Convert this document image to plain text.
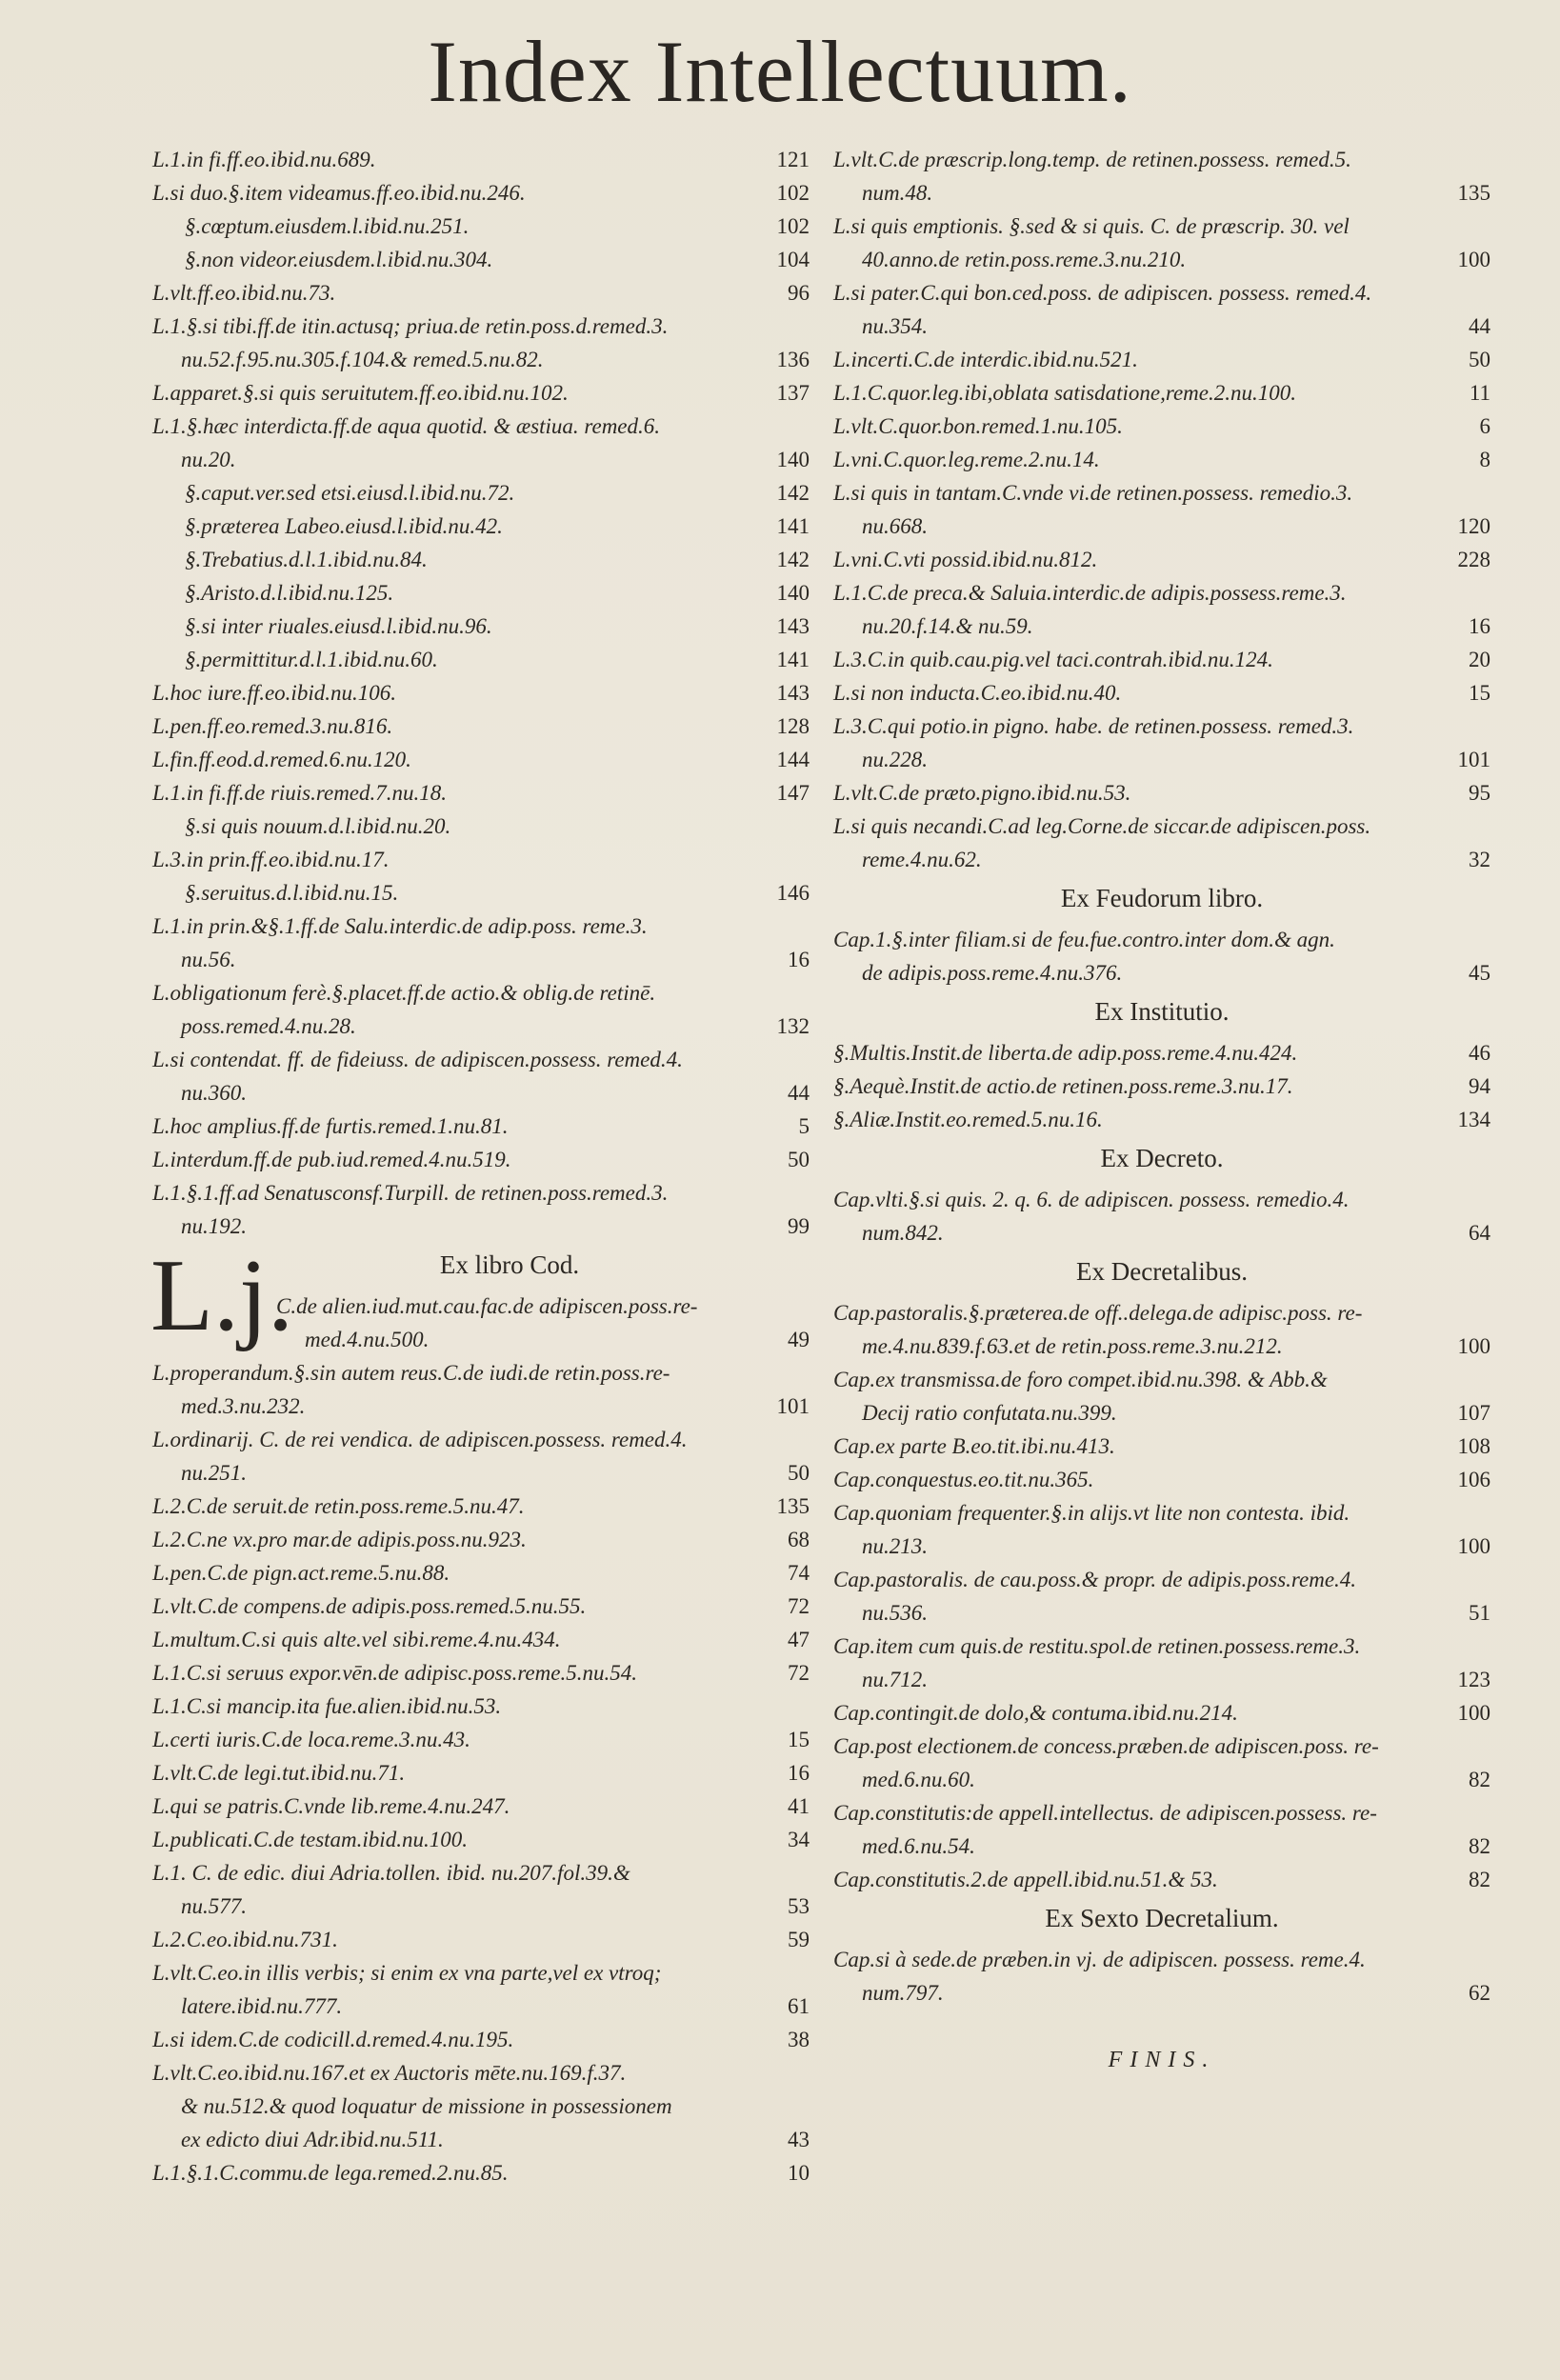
Index Intellectuum.
L.1.in fi.ff.eo.ibid.nu.689.	121
L.si duo.§.item videamus.ff.eo.ibid.nu.246.	102
§.cœptum.eiusdem.l.ibid.nu.251.	102
§.non videor.eiusdem.l.ibid.nu.304.	104
L.vlt.ff.eo.ibid.nu.73.	96
L.1.§.si tibi.ff.de itin.actusq; priua.de retin.poss.d.remed.3.
nu.52.f.95.nu.305.f.104.& remed.5.nu.82.	136
L.apparet.§.si quis seruitutem.ff.eo.ibid.nu.102.	137
L.1.§.hæc interdicta.ff.de aqua quotid. & æstiua. remed.6.
nu.20.	140
§.caput.ver.sed etsi.eiusd.l.ibid.nu.72.	142
§.præterea Labeo.eiusd.l.ibid.nu.42.	141
§.Trebatius.d.l.1.ibid.nu.84.	142
§.Aristo.d.l.ibid.nu.125.	140
§.si inter riuales.eiusd.l.ibid.nu.96.	143
§.permittitur.d.l.1.ibid.nu.60.	141
L.hoc iure.ff.eo.ibid.nu.106.	143
L.pen.ff.eo.remed.3.nu.816.	128
L.fin.ff.eod.d.remed.6.nu.120.	144
L.1.in fi.ff.de riuis.remed.7.nu.18.	147
§.si quis nouum.d.l.ibid.nu.20.
L.3.in prin.ff.eo.ibid.nu.17.
§.seruitus.d.l.ibid.nu.15.	146
L.1.in prin.&§.1.ff.de Salu.interdic.de adip.poss. reme.3.
nu.56.	16
L.obligationum ferè.§.placet.ff.de actio.& oblig.de retinē.
poss.remed.4.nu.28.	132
L.si contendat. ff. de fideiuss. de adipiscen.possess. remed.4.
nu.360.	44
L.hoc amplius.ff.de furtis.remed.1.nu.81.	5
L.interdum.ff.de pub.iud.remed.4.nu.519.	50
L.1.§.1.ff.ad Senatusconsf.Turpill. de retinen.poss.remed.3.
nu.192.	99
L.j.	Ex libro Cod.
C.de alien.iud.mut.cau.fac.de adipiscen.poss.re-
med.4.nu.500.	49
L.properandum.§.sin autem reus.C.de iudi.de retin.poss.re-
med.3.nu.232.	101
L.ordinarij. C. de rei vendica. de adipiscen.possess. remed.4.
nu.251.	50
L.2.C.de seruit.de retin.poss.reme.5.nu.47.	135
L.2.C.ne vx.pro mar.de adipis.poss.nu.923.	68
L.pen.C.de pign.act.reme.5.nu.88.	74
L.vlt.C.de compens.de adipis.poss.remed.5.nu.55.	72
L.multum.C.si quis alte.vel sibi.reme.4.nu.434.	47
L.1.C.si seruus expor.vēn.de adipisc.poss.reme.5.nu.54.	72
L.1.C.si mancip.ita fue.alien.ibid.nu.53.
L.certi iuris.C.de loca.reme.3.nu.43.	15
L.vlt.C.de legi.tut.ibid.nu.71.	16
L.qui se patris.C.vnde lib.reme.4.nu.247.	41
L.publicati.C.de testam.ibid.nu.100.	34
L.1. C. de edic. diui Adria.tollen. ibid. nu.207.fol.39.&
nu.577.	53
L.2.C.eo.ibid.nu.731.	59
L.vlt.C.eo.in illis verbis; si enim ex vna parte,vel ex vtroq;
latere.ibid.nu.777.	61
L.si idem.C.de codicill.d.remed.4.nu.195.	38
L.vlt.C.eo.ibid.nu.167.et ex Auctoris mēte.nu.169.f.37.
& nu.512.& quod loquatur de missione in possessionem
ex edicto diui Adr.ibid.nu.511.	43
L.1.§.1.C.commu.de lega.remed.2.nu.85.	10
L.vlt.C.de præscrip.long.temp. de retinen.possess. remed.5.
num.48.	135
L.si quis emptionis. §.sed & si quis. C. de præscrip. 30. vel
40.anno.de retin.poss.reme.3.nu.210.	100
L.si pater.C.qui bon.ced.poss. de adipiscen. possess. remed.4.
nu.354.	44
L.incerti.C.de interdic.ibid.nu.521.	50
L.1.C.quor.leg.ibi,oblata satisdatione,reme.2.nu.100.	11
L.vlt.C.quor.bon.remed.1.nu.105.	6
L.vni.C.quor.leg.reme.2.nu.14.	8
L.si quis in tantam.C.vnde vi.de retinen.possess. remedio.3.
nu.668.	120
L.vni.C.vti possid.ibid.nu.812.	228
L.1.C.de preca.& Saluia.interdic.de adipis.possess.reme.3.
nu.20.f.14.& nu.59.	16
L.3.C.in quib.cau.pig.vel taci.contrah.ibid.nu.124.	20
L.si non inducta.C.eo.ibid.nu.40.	15
L.3.C.qui potio.in pigno. habe. de retinen.possess. remed.3.
nu.228.	101
L.vlt.C.de præto.pigno.ibid.nu.53.	95
L.si quis necandi.C.ad leg.Corne.de siccar.de adipiscen.poss.
reme.4.nu.62.	32
Ex Feudorum libro.
Cap.1.§.inter filiam.si de feu.fue.contro.inter dom.& agn.
de adipis.poss.reme.4.nu.376.	45
Ex Institutio.
§.Multis.Instit.de liberta.de adip.poss.reme.4.nu.424.	46
§.Aequè.Instit.de actio.de retinen.poss.reme.3.nu.17.	94
§.Aliæ.Instit.eo.remed.5.nu.16.	134
Ex Decreto.
Cap.vlti.§.si quis. 2. q. 6. de adipiscen. possess. remedio.4.
num.842.	64
Ex Decretalibus.
Cap.pastoralis.§.præterea.de off..delega.de adipisc.poss. re-
me.4.nu.839.f.63.et de retin.poss.reme.3.nu.212.	100
Cap.ex transmissa.de foro compet.ibid.nu.398. & Abb.&
Decij ratio confutata.nu.399.	107
Cap.ex parte B.eo.tit.ibi.nu.413.	108
Cap.conquestus.eo.tit.nu.365.	106
Cap.quoniam frequenter.§.in alijs.vt lite non contesta. ibid.
nu.213.	100
Cap.pastoralis. de cau.poss.& propr. de adipis.poss.reme.4.
nu.536.	51
Cap.item cum quis.de restitu.spol.de retinen.possess.reme.3.
nu.712.	123
Cap.contingit.de dolo,& contuma.ibid.nu.214.	100
Cap.post electionem.de concess.præben.de adipiscen.poss. re-
med.6.nu.60.	82
Cap.constitutis:de appell.intellectus. de adipiscen.possess. re-
med.6.nu.54.	82
Cap.constitutis.2.de appell.ibid.nu.51.& 53.	82
Ex Sexto Decretalium.
Cap.si à sede.de præben.in vj. de adipiscen. possess. reme.4.
num.797.	62
FINIS.
